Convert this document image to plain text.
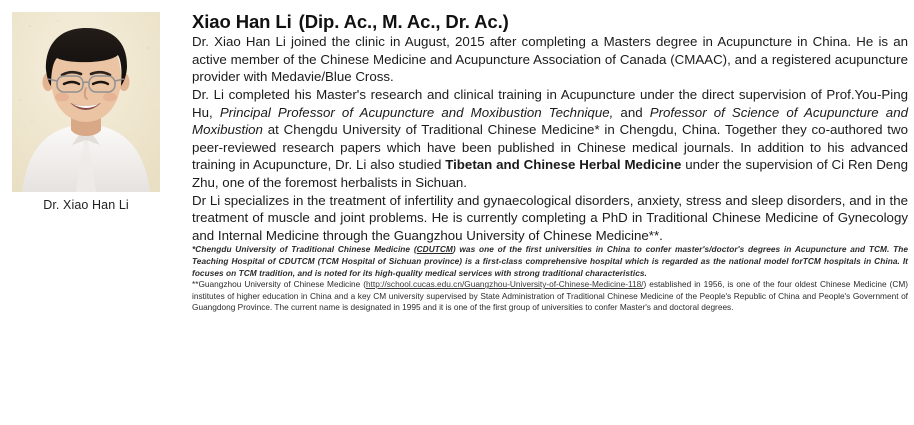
Dr. Xiao Han Li
Xiao Han Li (Dip. Ac., M. Ac., Dr. Ac.)

Dr. Xiao Han Li joined the clinic in August, 2015 after completing a Masters degree in Acupuncture in China. He is an active member of the Chinese Medicine and Acupuncture Association of Canada (CMAAC), and a registered acupuncture provider with Medavie/Blue Cross.

Dr. Li completed his Master's research and clinical training in Acupuncture under the direct supervision of Prof.You-Ping Hu, Principal Professor of Acupuncture and Moxibustion Technique, and Professor of Science of Acupuncture and Moxibustion at Chengdu University of Traditional Chinese Medicine* in Chengdu, China. Together they co-authored two peer-reviewed research papers which have been published in Chinese medical journals. In addition to his advanced training in Acupuncture, Dr. Li also studied Tibetan and Chinese Herbal Medicine under the supervision of Ci Ren Deng Zhu, one of the foremost herbalists in Sichuan.

Dr Li specializes in the treatment of infertility and gynaecological disorders, anxiety, stress and sleep disorders, and in the treatment of muscle and joint problems. He is currently completing a PhD in Traditional Chinese Medicine of Gynecology and Internal Medicine through the Guangzhou University of Chinese Medicine**.

*Chengdu University of Traditional Chinese Medicine (CDUTCM) was one of the first universities in China to confer master's/doctor's degrees in Acupuncture and TCM. The Teaching Hospital of CDUTCM (TCM Hospital of Sichuan province) is a first-class comprehensive hospital which is regarded as the national model forTCM hospitals in China. It focuses on TCM tradition, and is noted for its high-quality medical services with strong traditional characteristics.

**Guangzhou University of Chinese Medicine (http://school.cucas.edu.cn/Guangzhou-University-of-Chinese-Medicine-118/) established in 1956, is one of the four oldest Chinese Medicine (CM) institutes of higher education in China and a key CM university supervised by State Administration of Traditional Chinese Medicine of the People's Republic of China and People's Government of Guangdong Province. The current name is designated in 1995 and it is one of the first group of universities to confer Master's and doctoral degrees.
